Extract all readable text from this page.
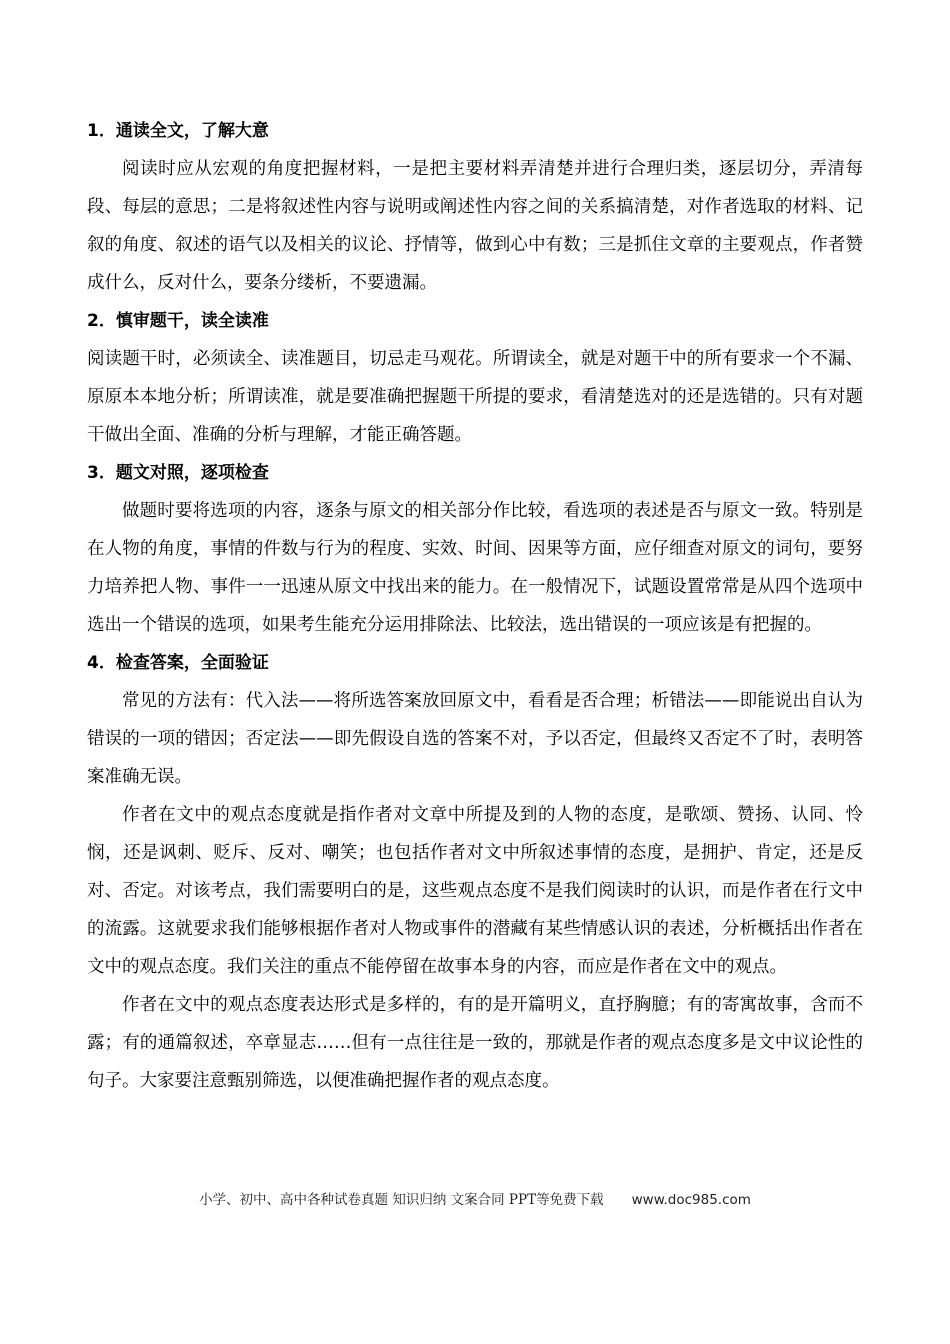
1．通读全文，了解大意

阅读时应从宏观的角度把握材料，一是把主要材料弄清楚并进行合理归类，逐层切分，弄清每段、每层的意思；二是将叙述性内容与说明或阐述性内容之间的关系搞清楚，对作者选取的材料、记叙的角度、叙述的语气以及相关的议论、抒情等，做到心中有数；三是抓住文章的主要观点，作者赞成什么，反对什么，要条分缕析，不要遗漏。

2．慎审题干，读全读准

阅读题干时，必须读全、读准题目，切忌走马观花。所谓读全，就是对题干中的所有要求一个不漏、原原本本地分析；所谓读准，就是要准确把握题干所提的要求，看清楚选对的还是选错的。只有对题干做出全面、准确的分析与理解，才能正确答题。

3．题文对照，逐项检查

做题时要将选项的内容，逐条与原文的相关部分作比较，看选项的表述是否与原文一致。特别是在人物的角度，事情的件数与行为的程度、实效、时间、因果等方面，应仔细查对原文的词句，要努力培养把人物、事件一一迅速从原文中找出来的能力。在一般情况下，试题设置常常是从四个选项中选出一个错误的选项，如果考生能充分运用排除法、比较法，选出错误的一项应该是有把握的。

4．检查答案，全面验证

常见的方法有：代入法——将所选答案放回原文中，看看是否合理；析错法——即能说出自认为错误的一项的错因；否定法——即先假设自选的答案不对，予以否定，但最终又否定不了时，表明答案准确无误。

作者在文中的观点态度就是指作者对文章中所提及到的人物的态度，是歌颂、赞扬、认同、怜悯，还是讽刺、贬斥、反对、嘲笑；也包括作者对文中所叙述事情的态度，是拥护、肯定，还是反对、否定。对该考点，我们需要明白的是，这些观点态度不是我们阅读时的认识，而是作者在行文中的流露。这就要求我们能够根据作者对人物或事件的潜藏有某些情感认识的表述，分析概括出作者在文中的观点态度。我们关注的重点不能停留在故事本身的内容，而应是作者在文中的观点。

作者在文中的观点态度表达形式是多样的，有的是开篇明义，直抒胸臆；有的寄寓故事，含而不露；有的通篇叙述，卒章显志……但有一点往往是一致的，那就是作者的观点态度多是文中议论性的句子。大家要注意甄别筛选，以便准确把握作者的观点态度。

小学、初中、高中各种试卷真题 知识归纳 文案合同 PPT等免费下载 www.doc985.com
